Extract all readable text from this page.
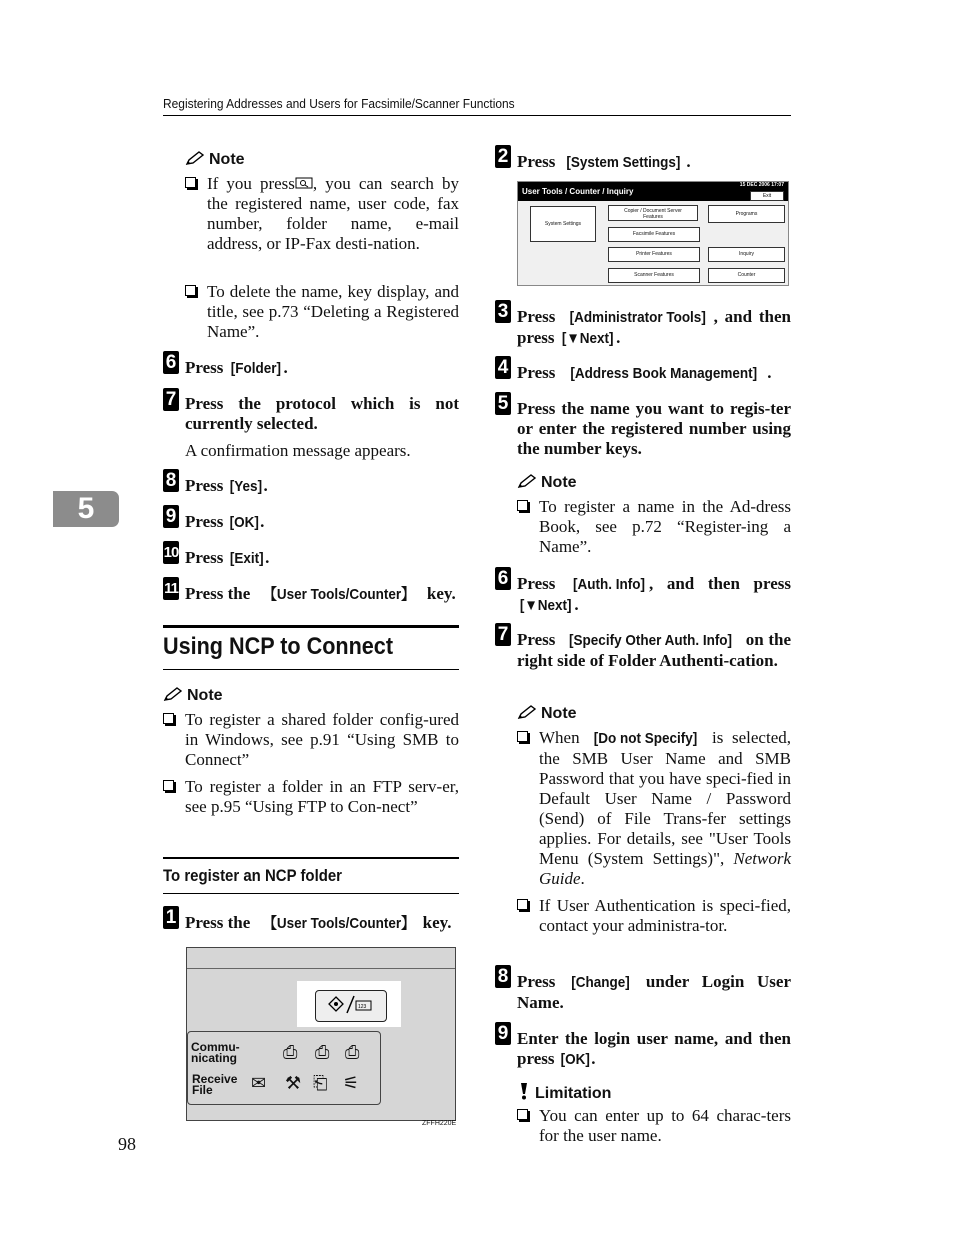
Registering Addresses and Users for Facsimile/Scanner Functions
5
98
Note
If you press , you can search by the registered name, user code, fax number, folder name, e-mail address, or IP-Fax desti-nation.
To delete the name, key display, and title, see p.73 “Deleting a Registered Name”.
6 Press [Folder] .
7 Press the protocol which is not currently selected.
A confirmation message appears.
8 Press [Yes] .
9 Press [OK].
10 Press [Exit] .
11 Press the 【User Tools/Counter】 key.
Using NCP to Connect
Note
To register a shared folder config-ured in Windows, see p.91 “Using SMB to Connect”
To register a folder in an FTP serv-er, see p.95 “Using FTP to Con-nect”
To register an NCP folder
1 Press the 【User Tools/Counter】 key.
123
Commu-
nicating
Receive
File
⎙ ⎙ ⎙
✉ ⚒ ⎗ ⚟
ZFFH220E
2 Press [System Settings] .
User Tools / Counter / Inquiry
15 DEC 2006 17:07
Exit
System Settings
Copier / Document Server
Features	Programs
Facsimile Features
Printer Features	Inquiry
Scanner Features	Counter
3 Press [Administrator Tools] , and then press [▼Next] .
4 Press [Address Book Management] .
5 Press the name you want to regis-ter or enter the registered number using the number keys.
Note
To register a name in the Ad-dress Book, see p.72 “Register-ing a Name”.
6 Press [Auth. Info] , and then press [▼Next] .
7 Press [Specify Other Auth. Info] on the right side of Folder Authenti-cation.
Note
When [Do not Specify] is selected, the SMB User Name and SMB Password that you have speci-fied in Default User Name / Password (Send) of File Trans-fer settings applies. For details, see "User Tools Menu (System Settings)", Network Guide.
If User Authentication is speci-fied, contact your administra-tor.
8 Press [Change] under Login User Name.
9 Enter the login user name, and then press [OK].
Limitation
You can enter up to 64 charac-ters for the user name.
